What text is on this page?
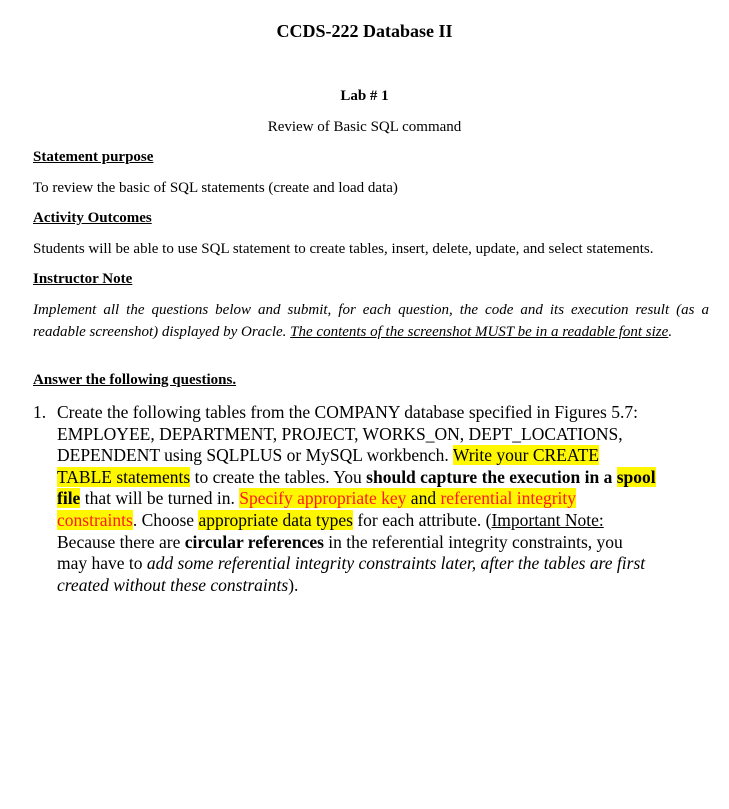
CCDS-222 Database II
Lab # 1
Review of Basic SQL command
Statement purpose
To review the basic of SQL statements (create and load data)
Activity Outcomes
Students will be able to use SQL statement to create tables, insert, delete, update, and select statements.
Instructor Note
Implement all the questions below and submit, for each question, the code and its execution result (as a readable screenshot) displayed by Oracle. The contents of the screenshot MUST be in a readable font size.
Answer the following questions.
1. Create the following tables from the COMPANY database specified in Figures 5.7: EMPLOYEE, DEPARTMENT, PROJECT, WORKS_ON, DEPT_LOCATIONS, DEPENDENT using SQLPLUS or MySQL workbench. Write your CREATE TABLE statements to create the tables. You should capture the execution in a spool file that will be turned in. Specify appropriate key and referential integrity constraints. Choose appropriate data types for each attribute. (Important Note: Because there are circular references in the referential integrity constraints, you may have to add some referential integrity constraints later, after the tables are first created without these constraints).
